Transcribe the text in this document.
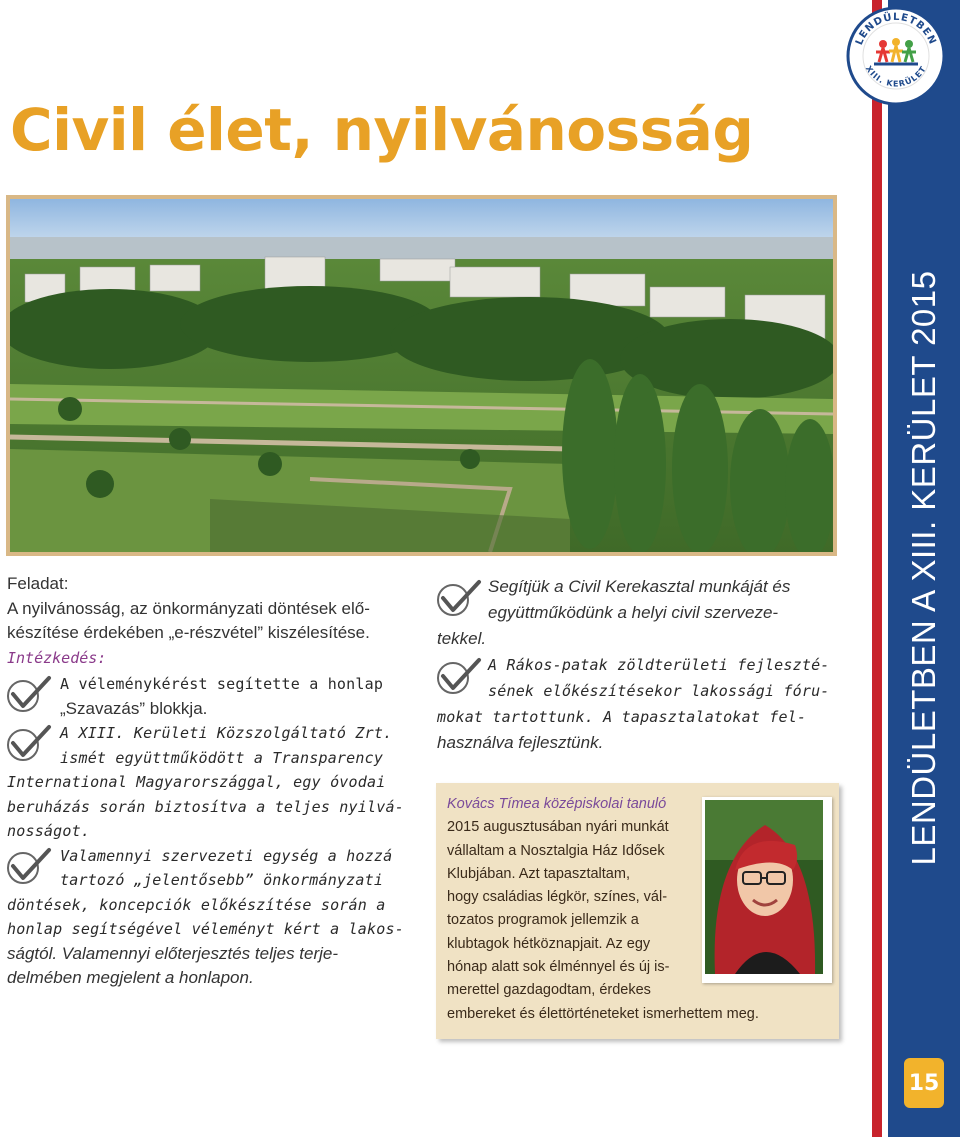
LENDÜLETBEN A XIII. KERÜLET 2015
LENDÜLETBEN
XIII. KERÜLET
15
Civil élet, nyilvánosság

Feladat:

A nyilvánosság, az önkormányzati döntések elő-

készítése érdekében „e-részvétel” kiszélesítése.

Intézkedés:

A véleménykérést segítette a honlap

„Szavazás” blokkja.

A XIII. Kerületi Közszolgáltató Zrt.

ismét együttműködött a Transparency

International Magyarországgal, egy óvodai

beruházás során biztosítva a teljes nyilvá-

nosságot.

Valamennyi szervezeti egység a hozzá

tartozó „jelentősebb” önkormányzati

döntések, koncepciók előkészítése során a

honlap segítségével véleményt kért a lakos-

ságtól. Valamennyi előterjesztés teljes terje-

delmében megjelent a honlapon.

Segítjük a Civil Kerekasztal munkáját és

együttműködünk a helyi civil szerveze-

tekkel.

A Rákos-patak zöldterületi fejleszté-

sének előkészítésekor lakossági fóru-

mokat tartottunk. A tapasztalatokat fel-

használva fejlesztünk.

Kovács Tímea középiskolai tanuló
2015 augusztusában nyári munkát
vállaltam a Nosztalgia Ház Idősek
Klubjában. Azt tapasztaltam,
hogy családias légkör, színes, vál-
tozatos programok jellemzik a
klubtagok hétköznapjait. Az egy
hónap alatt sok élménnyel és új is-
merettel gazdagodtam, érdekes
embereket és élettörténeteket ismerhettem meg.
